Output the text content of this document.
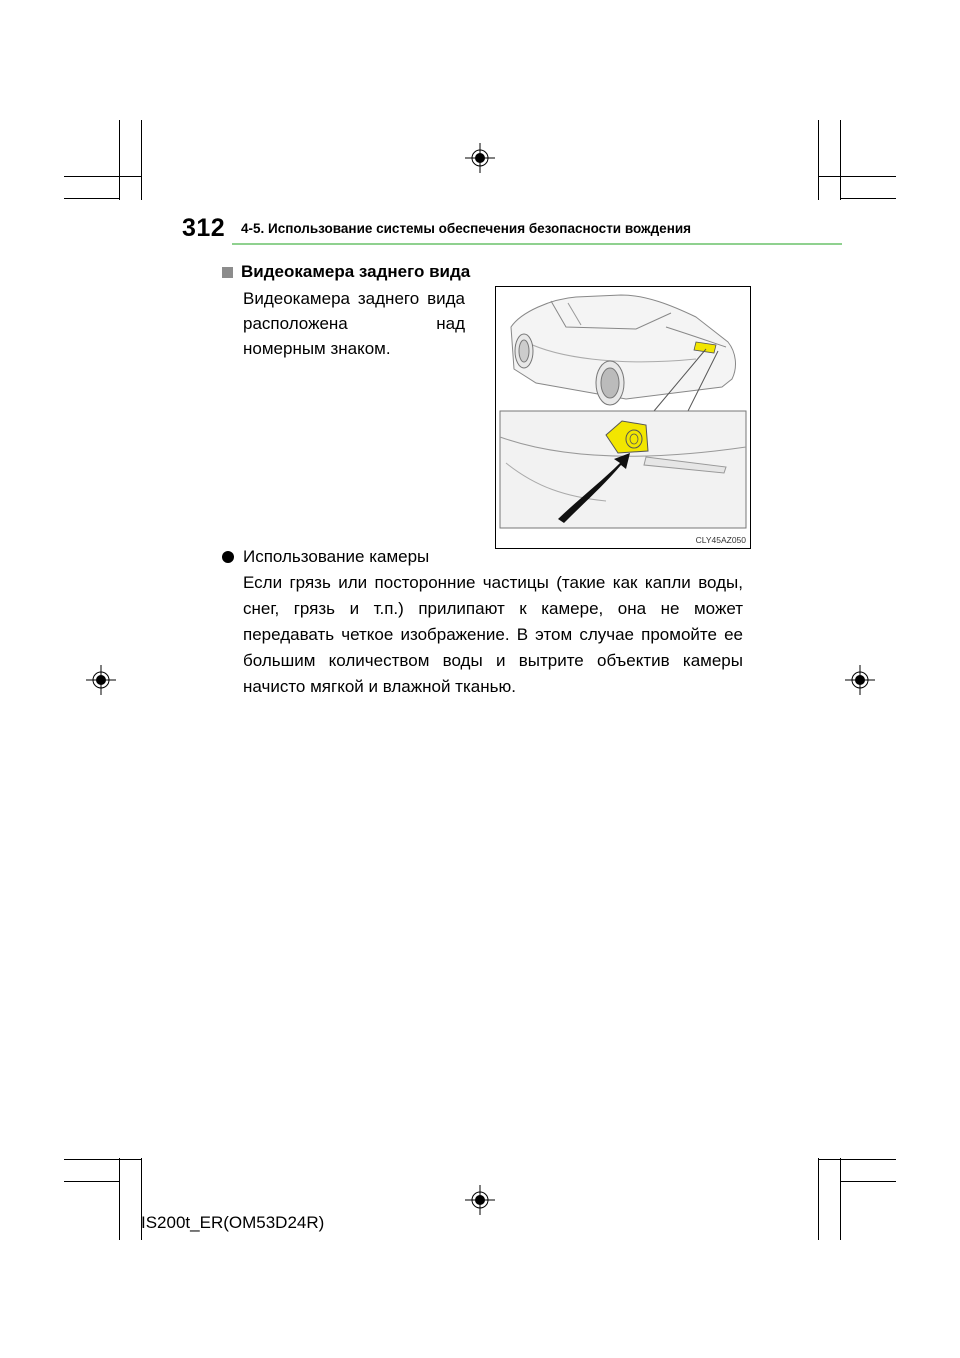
312 4-5. Использование системы обеспечения безопасности вождения
Видеокамера заднего вида
Видеокамера заднего вида расположена над номерным знаком.
CLY45AZ050
Использование камеры
Если грязь или посторонние частицы (такие как капли воды, снег, грязь и т.п.) прилипают к камере, она не может передавать четкое изображение. В этом случае промойте ее большим количеством воды и вытрите объектив камеры начисто мягкой и влажной тканью.
IS200t_ER(OM53D24R)
